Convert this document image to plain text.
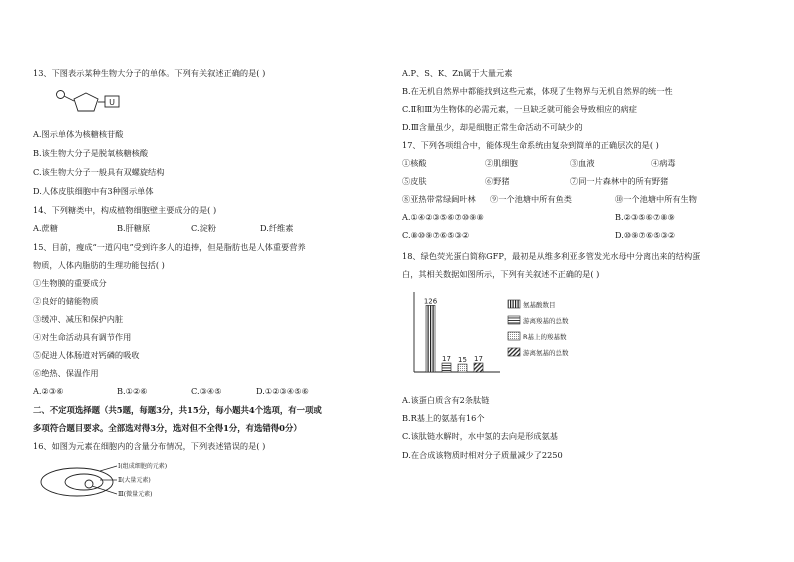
13、下图表示某种生物大分子的单体。下列有关叙述正确的是( )
U
A.图示单体为核糖核苷酸
B.该生物大分子是脱氧核糖核酸
C.该生物大分子一般具有双螺旋结构
D.人体皮肤细胞中有3种图示单体
14、下列糖类中，构成植物细胞壁主要成分的是( )
A.蔗糖	B.肝糖原	C.淀粉	D.纤维素
15、目前，瘦成“一道闪电”受到许多人的追捧，但是脂肪也是人体重要营养
物质，人体内脂肪的生理功能包括( )
①生物膜的重要成分
②良好的储能物质
③缓冲、减压和保护内脏
④对生命活动具有调节作用
⑤促进人体肠道对钙磷的吸收
⑥绝热、保温作用
A.②③⑥	B.①②⑥	C.③④⑤	D.①②③④⑤⑥
二、不定项选择题（共5题，每题3分，共15分，每小题共4个选项，有一项或
多项符合题目要求。全部选对得3分，选对但不全得1分，有选错得0分）
16、如图为元素在细胞内的含量分布情况，下列表述错误的是( )
Ⅰ(组成细胞的元素)
Ⅱ(大量元素)
Ⅲ(微量元素)
A.P、S、K、Zn属于大量元素
B.在无机自然界中都能找到这些元素，体现了生物界与无机自然界的统一性
C.Ⅱ和Ⅲ为生物体的必需元素，一旦缺乏就可能会导致相应的病症
D.Ⅲ含量虽少，却是细胞正常生命活动不可缺少的
17、下列各项组合中，能体现生命系统由复杂到简单的正确层次的是( )
①核酸	②肌细胞	③血液	④病毒
⑤皮肤	⑥野猪	⑦同一片森林中的所有野猪
⑧亚热带常绿阔叶林 ⑨一个池塘中所有鱼类	⑩一个池塘中所有生物
A.①④②③⑤⑥⑦⑩⑨⑧	B.②③⑤⑥⑦⑧⑨
C.⑧⑩⑨⑦⑥⑤③②	D.⑩⑨⑦⑥⑤③②
18、绿色荧光蛋白简称GFP，最初是从维多利亚多管发光水母中分离出来的结构蛋
白，其相关数据如图所示，下列有关叙述不正确的是( )
126
17 15 17
氨基酸数目
游离羧基的总数
R基上的羧基数
游离氨基的总数
A.该蛋白质含有2条肽链
B.R基上的氨基有16个
C.该肽链水解时，水中氢的去向是形成氨基
D.在合成该物质时相对分子质量减少了2250
